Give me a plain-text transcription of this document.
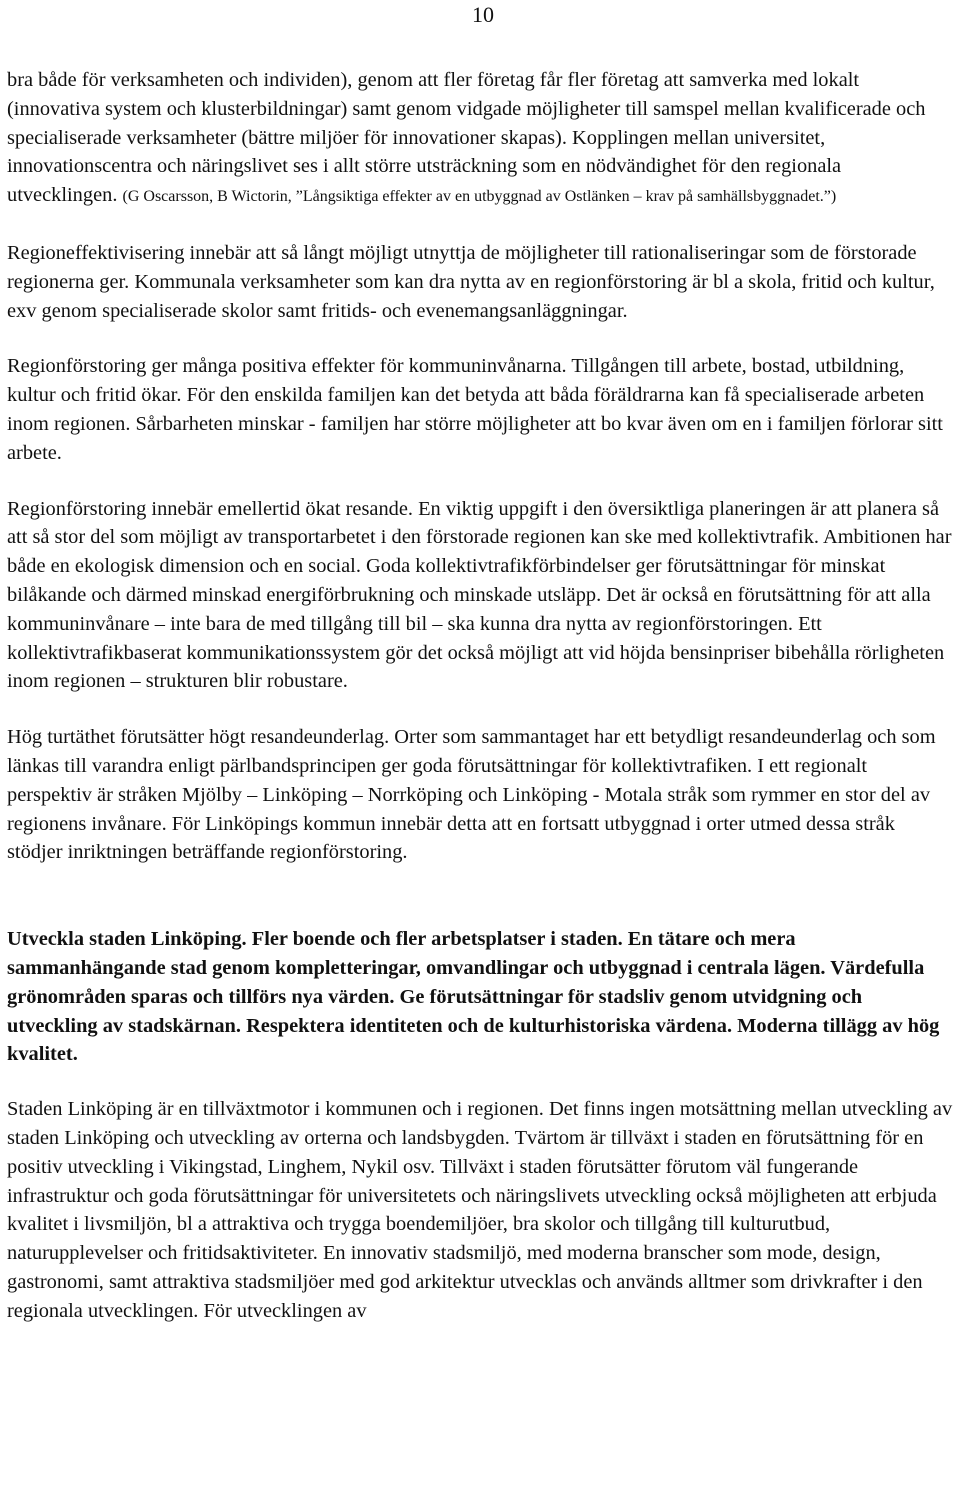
10

bra både för verksamheten och individen), genom att fler företag får fler företag att samverka med lokalt (innovativa system och klusterbildningar) samt genom vidgade möjligheter till samspel mellan kvalificerade och specialiserade verksamheter (bättre miljöer för innovationer skapas). Kopplingen mellan universitet, innovationscentra och näringslivet ses i allt större utsträckning som en nödvändighet för den regionala utvecklingen. (G Oscarsson, B Wictorin, ”Långsiktiga effekter av en utbyggnad av Ostlänken – krav på samhällsbyggnadet.”)

Regioneffektivisering innebär att så långt möjligt utnyttja de möjligheter till rationaliseringar som de förstorade regionerna ger. Kommunala verksamheter som kan dra nytta av en regionförstoring är bl a skola, fritid och kultur, exv genom specialiserade skolor samt fritids- och evenemangsanläggningar.

Regionförstoring ger många positiva effekter för kommuninvånarna. Tillgången till arbete, bostad, utbildning, kultur och fritid ökar. För den enskilda familjen kan det betyda att båda föräldrarna kan få specialiserade arbeten inom regionen. Sårbarheten minskar - familjen har större möjligheter att bo kvar även om en i familjen förlorar sitt arbete.

Regionförstoring innebär emellertid ökat resande. En viktig uppgift i den översiktliga planeringen är att planera så att så stor del som möjligt av transportarbetet i den förstorade regionen kan ske med kollektivtrafik. Ambitionen har både en ekologisk dimension och en social. Goda kollektivtrafikförbindelser ger förutsättningar för minskat bilåkande och därmed minskad energiförbrukning och minskade utsläpp. Det är också en förutsättning för att alla kommuninvånare – inte bara de med tillgång till bil – ska kunna dra nytta av regionförstoringen. Ett kollektivtrafikbaserat kommunikationssystem gör det också möjligt att vid höjda bensinpriser bibehålla rörligheten inom regionen – strukturen blir robustare.

Hög turtäthet förutsätter högt resandeunderlag. Orter som sammantaget har ett betydligt resandeunderlag och som länkas till varandra enligt pärlbandsprincipen ger goda förutsättningar för kollektivtrafiken. I ett regionalt perspektiv är stråken Mjölby – Linköping – Norrköping och Linköping - Motala stråk som rymmer en stor del av regionens invånare. För Linköpings kommun innebär detta att en fortsatt utbyggnad i orter utmed dessa stråk stödjer inriktningen beträffande regionförstoring.

Utveckla staden Linköping. Fler boende och fler arbetsplatser i staden. En tätare och mera sammanhängande stad genom kompletteringar, omvandlingar och utbyggnad i centrala lägen. Värdefulla grönområden sparas och tillförs nya värden. Ge förutsättningar för stadsliv genom utvidgning och utveckling av stadskärnan. Respektera identiteten och de kulturhistoriska värdena. Moderna tillägg av hög kvalitet.

Staden Linköping är en tillväxtmotor i kommunen och i regionen. Det finns ingen motsättning mellan utveckling av staden Linköping och utveckling av orterna och landsbygden. Tvärtom är tillväxt i staden en förutsättning för en positiv utveckling i Vikingstad, Linghem, Nykil osv. Tillväxt i staden förutsätter förutom väl fungerande infrastruktur och goda förutsättningar för universitetets och näringslivets utveckling också möjligheten att erbjuda kvalitet i livsmiljön, bl a attraktiva och trygga boendemiljöer, bra skolor och tillgång till kulturutbud, naturupplevelser och fritidsaktiviteter. En innovativ stadsmiljö, med moderna branscher som mode, design, gastronomi, samt attraktiva stadsmiljöer med god arkitektur utvecklas och används alltmer som drivkrafter i den regionala utvecklingen. För utvecklingen av
